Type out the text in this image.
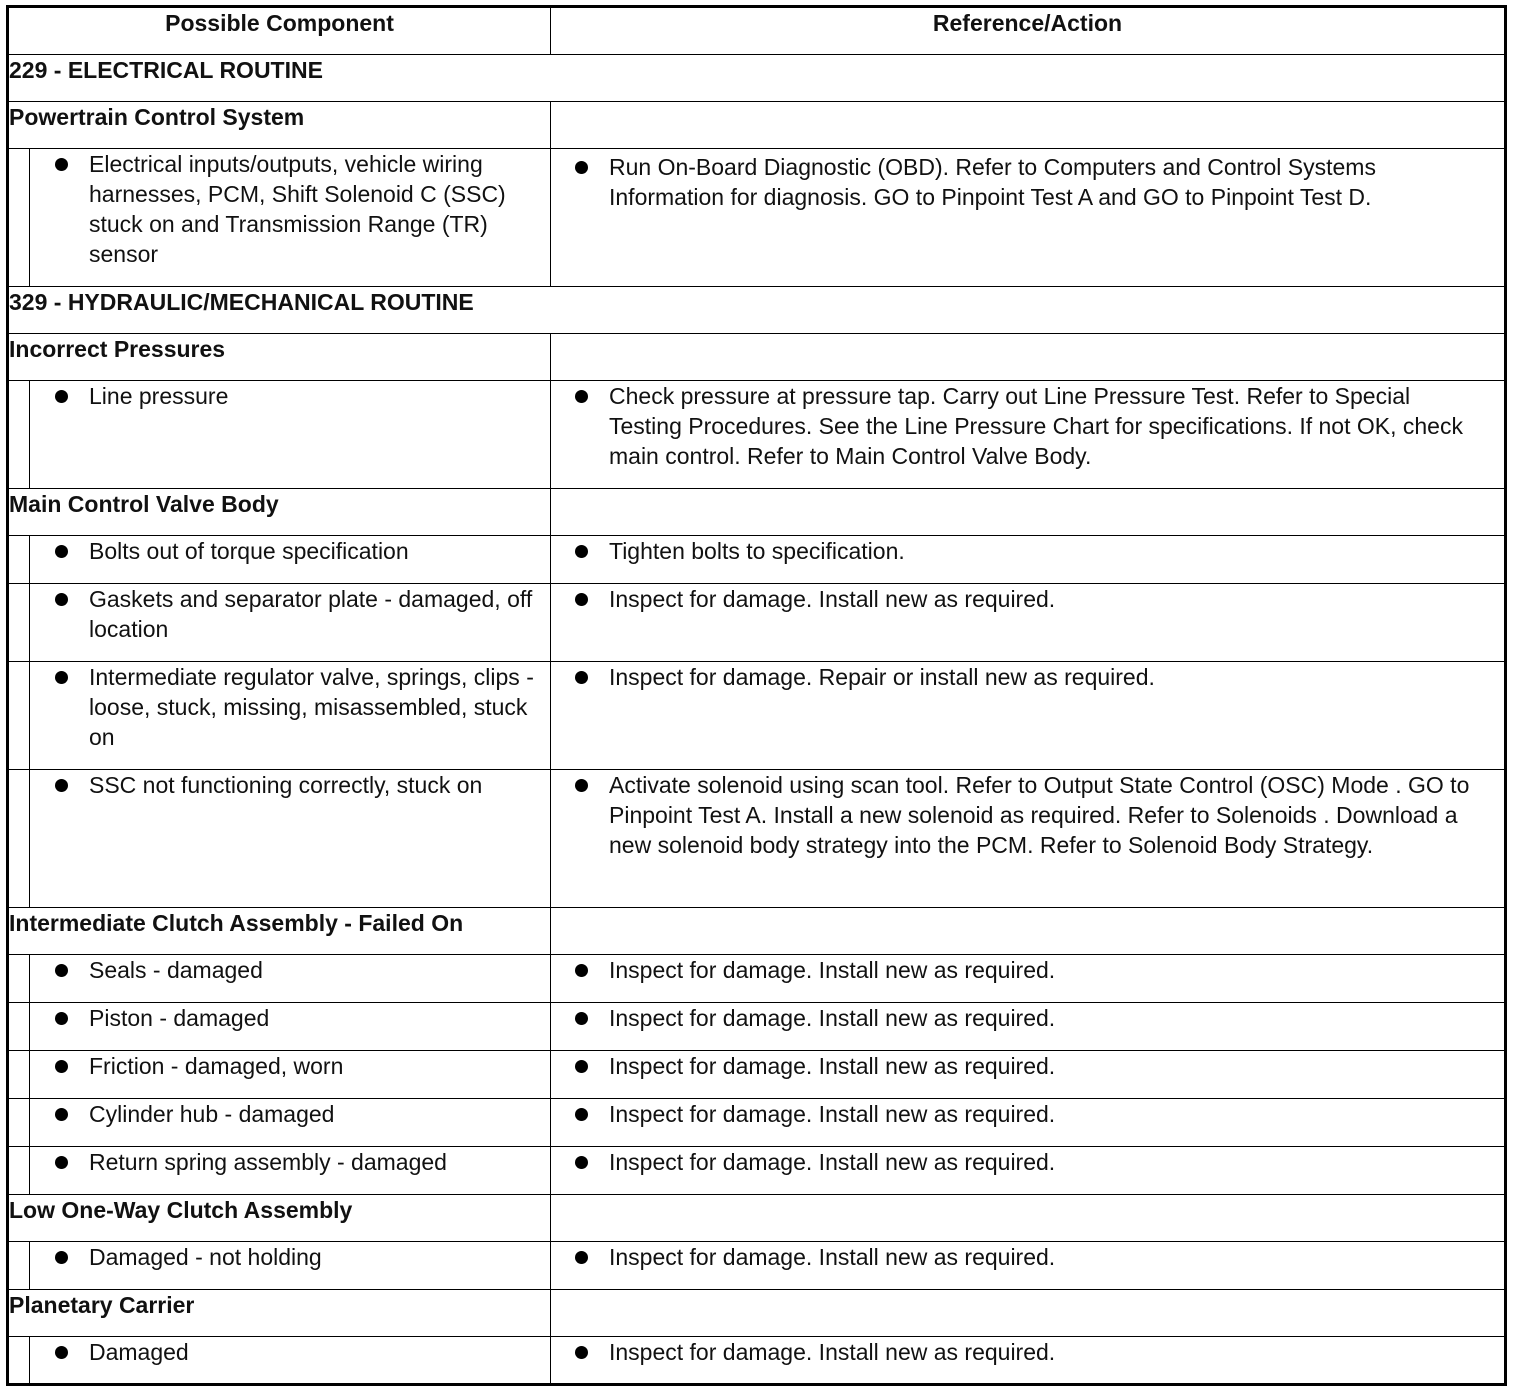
Possible Component		Reference/Action
229 - ELECTRICAL ROUTINE		
Powertrain Control System		

	Electrical inputs/outputs, vehicle wiring harnesses, PCM, Shift Solenoid C (SSC) stuck on and Transmission Range (TR) sensor	Run On-Board Diagnostic (OBD). Refer to Computers and Control Systems Information for diagnosis. GO to Pinpoint Test A and GO to Pinpoint Test D.

329 - HYDRAULIC/MECHANICAL ROUTINE		
Incorrect Pressures		

	Line pressure	Check pressure at pressure tap. Carry out Line Pressure Test. Refer to Special Testing Procedures. See the Line Pressure Chart for specifications. If not OK, check main control. Refer to Main Control Valve Body.

Main Control Valve Body		

	Bolts out of torque specification	Tighten bolts to specification.

	Gaskets and separator plate - damaged, off location	Inspect for damage. Install new as required.

	Intermediate regulator valve, springs, clips - loose, stuck, missing, misassembled, stuck on	Inspect for damage. Repair or install new as required.

	SSC not functioning correctly, stuck on	Activate solenoid using scan tool. Refer to Output State Control (OSC) Mode . GO to Pinpoint Test A. Install a new solenoid as required. Refer to Solenoids . Download a new solenoid body strategy into the PCM. Refer to Solenoid Body Strategy.

Intermediate Clutch Assembly - Failed On		

	Seals - damaged	Inspect for damage. Install new as required.

	Piston - damaged	Inspect for damage. Install new as required.

	Friction - damaged, worn	Inspect for damage. Install new as required.

	Cylinder hub - damaged	Inspect for damage. Install new as required.

	Return spring assembly - damaged	Inspect for damage. Install new as required.

Low One-Way Clutch Assembly		

	Damaged - not holding	Inspect for damage. Install new as required.

Planetary Carrier		

	Damaged	Inspect for damage. Install new as required.
